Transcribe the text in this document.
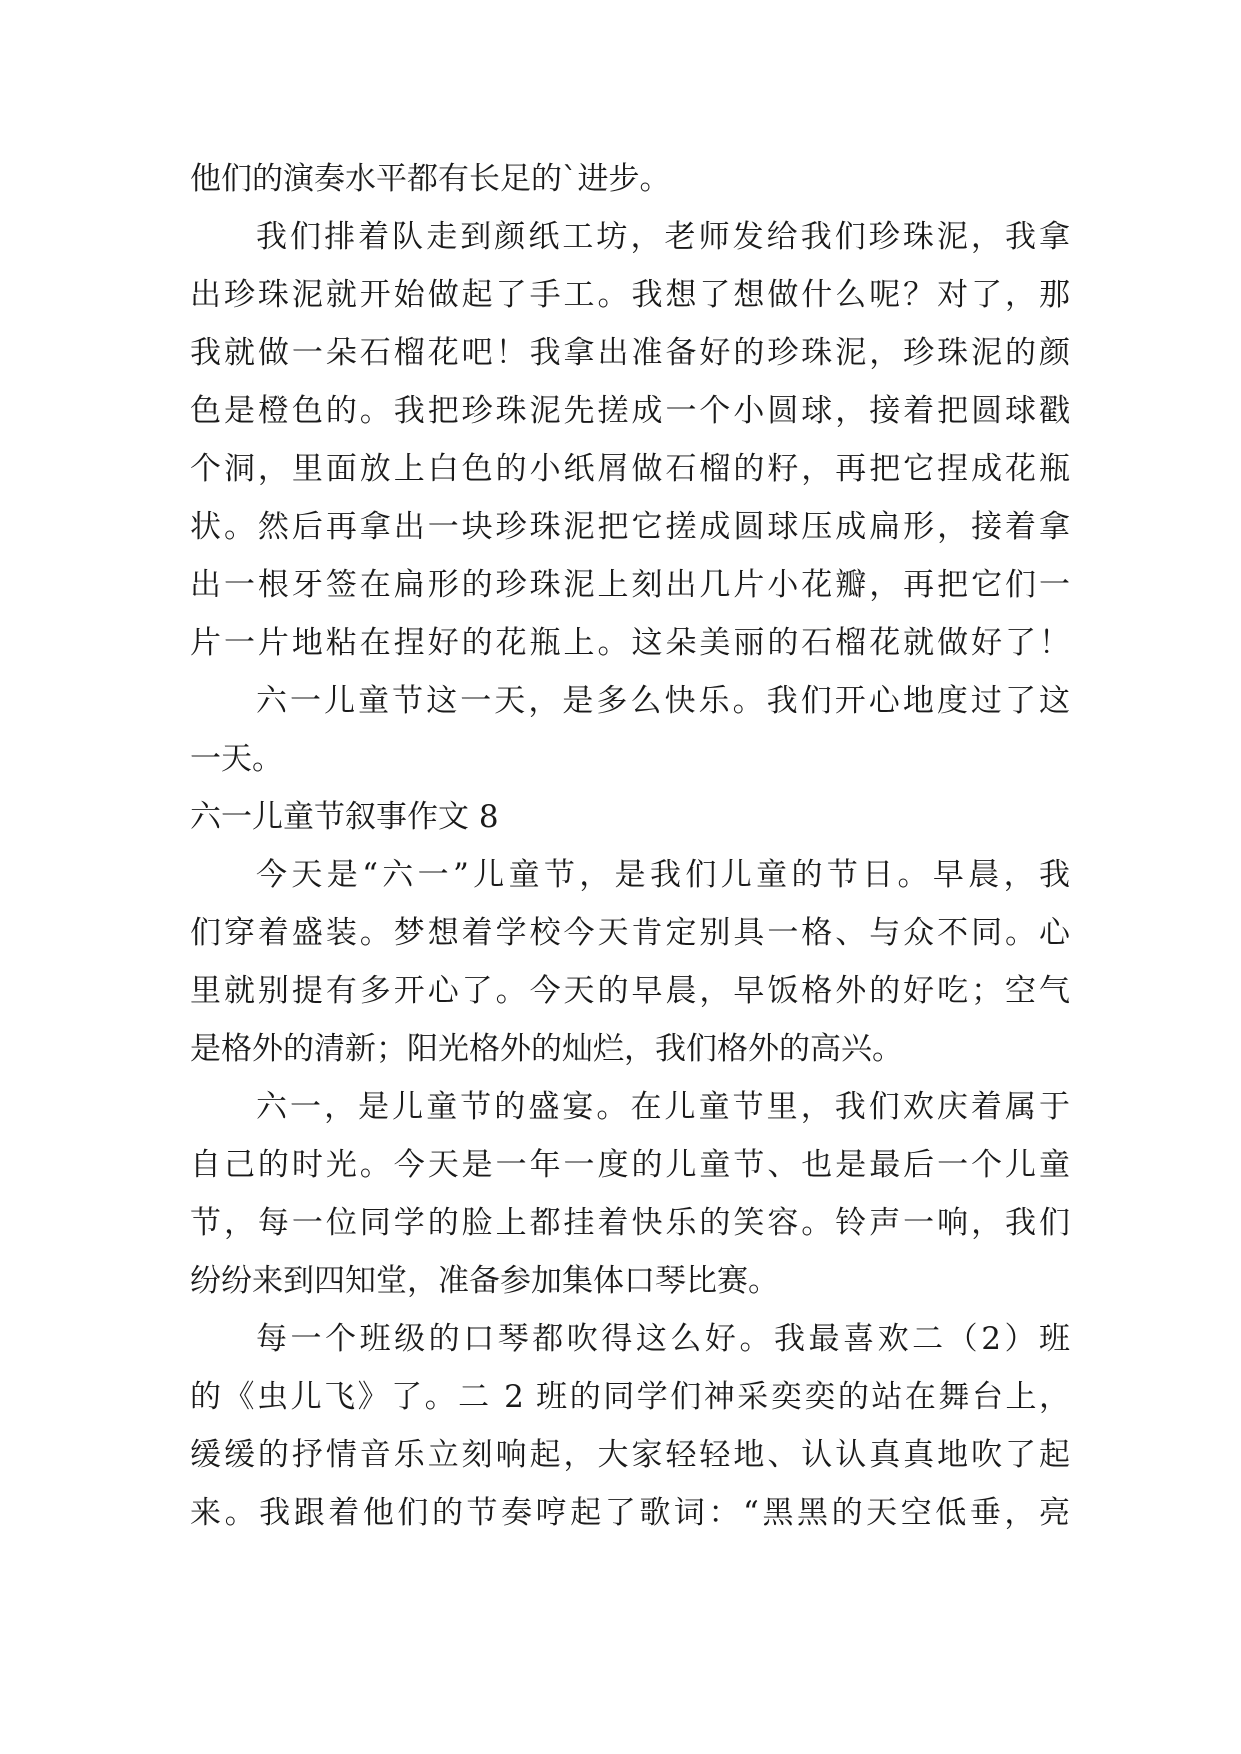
他们的演奏水平都有长足的`进步。
我们排着队走到颜纸工坊，老师发给我们珍珠泥，我拿
出珍珠泥就开始做起了手工。我想了想做什么呢？对了，那
我就做一朵石榴花吧！我拿出准备好的珍珠泥，珍珠泥的颜
色是橙色的。我把珍珠泥先搓成一个小圆球，接着把圆球戳
个洞，里面放上白色的小纸屑做石榴的籽，再把它捏成花瓶
状。然后再拿出一块珍珠泥把它搓成圆球压成扁形，接着拿
出一根牙签在扁形的珍珠泥上刻出几片小花瓣，再把它们一
片一片地粘在捏好的花瓶上。这朵美丽的石榴花就做好了！
六一儿童节这一天，是多么快乐。我们开心地度过了这
一天。
六一儿童节叙事作文 8
今天是“六一”儿童节，是我们儿童的节日。早晨，我
们穿着盛装。梦想着学校今天肯定别具一格、与众不同。心
里就别提有多开心了。今天的早晨，早饭格外的好吃；空气
是格外的清新；阳光格外的灿烂，我们格外的高兴。
六一，是儿童节的盛宴。在儿童节里，我们欢庆着属于
自己的时光。今天是一年一度的儿童节、也是最后一个儿童
节，每一位同学的脸上都挂着快乐的笑容。铃声一响，我们
纷纷来到四知堂，准备参加集体口琴比赛。
每一个班级的口琴都吹得这么好。我最喜欢二（2）班
的《虫儿飞》了。二 2 班的同学们神采奕奕的站在舞台上，
缓缓的抒情音乐立刻响起，大家轻轻地、认认真真地吹了起
来。我跟着他们的节奏哼起了歌词：“黑黑的天空低垂，亮
